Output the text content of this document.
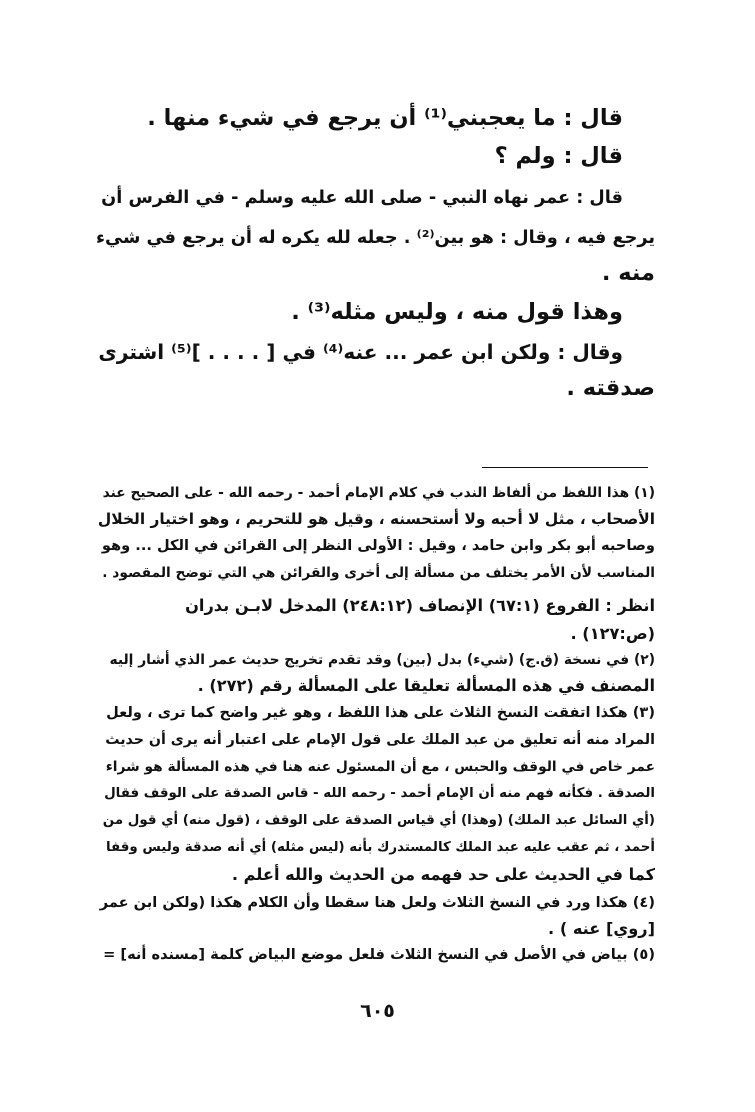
قال : ما يعجبني⁽¹⁾ أن يرجع في شيء منها .
قال : ولم ؟
قال : عمر نهاه النبي - صلى الله عليه وسلم - في الفرس أن
يرجع فيه ، وقال : هو بين⁽²⁾ . جعله لله يكره له أن يرجع في شيء
منه .
وهذا قول منه ، وليس مثله⁽³⁾ .
وقال : ولكن ابن عمر ... عنه⁽⁴⁾ في [ . . . . ]⁽⁵⁾ اشترى
صدقته .
(١) هذا اللفظ من ألفاظ الندب في كلام الإمام أحمد - رحمه الله - على الصحيح عند
الأصحاب ، مثل لا أحبه ولا أستحسنه ، وقيل هو للتحريم ، وهو اختيار الخلال
وصاحبه أبو بكر وابن حامد ، وقيل : الأولى النظر إلى القرائن في الكل ... وهو
المناسب لأن الأمر يختلف من مسألة إلى أخرى والقرائن هي التي توضح المقصود .
انظر : الفروع (٦٧:١) الإنصاف (٢٤٨:١٢) المدخل لابـن بدران
(ص:١٢٧) .
(٢) في نسخة (ق.ج) (شيء) بدل (بين) وقد تقدم تخريج حديث عمر الذي أشار إليه
المصنف في هذه المسألة تعليقا على المسألة رقم (٢٧٢) .
(٣) هكذا اتفقت النسخ الثلاث على هذا اللفظ ، وهو غير واضح كما ترى ، ولعل
المراد منه أنه تعليق من عبد الملك على قول الإمام على اعتبار أنه يرى أن حديث
عمر خاص في الوقف والحبس ، مع أن المسئول عنه هنا في هذه المسألة هو شراء
الصدقة . فكأنه فهم منه أن الإمام أحمد - رحمه الله - قاس الصدقة على الوقف فقال
(أي السائل عبد الملك) (وهذا) أي قياس الصدقة على الوقف ، (قول منه) أي قول من
أحمد ، ثم عقب عليه عبد الملك كالمستدرك بأنه (ليس مثله) أي أنه صدقة وليس وقفا
كما في الحديث على حد فهمه من الحديث والله أعلم .
(٤) هكذا ورد في النسخ الثلاث ولعل هنا سقطا وأن الكلام هكذا (ولكن ابن عمر
[روي] عنه ) .
(٥) بياض في الأصل في النسخ الثلاث فلعل موضع البياض كلمة [مسنده أنه] =
٦٠٥
